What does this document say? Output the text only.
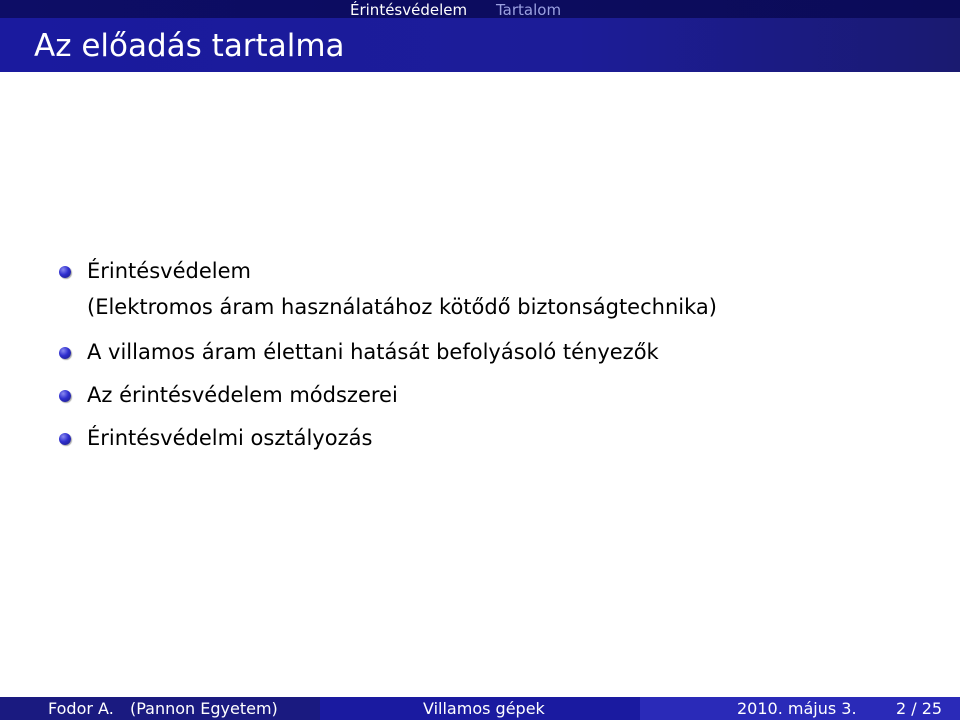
Érintésvédelem Tartalom
Az előadás tartalma
Érintésvédelem
(Elektromos áram használatához kötődő biztonságtechnika)
A villamos áram élettani hatását befolyásoló tényezők
Az érintésvédelem módszerei
Érintésvédelmi osztályozás
Fodor A. (Pannon Egyetem)	Villamos gépek	2010. május 3. 2 / 25
